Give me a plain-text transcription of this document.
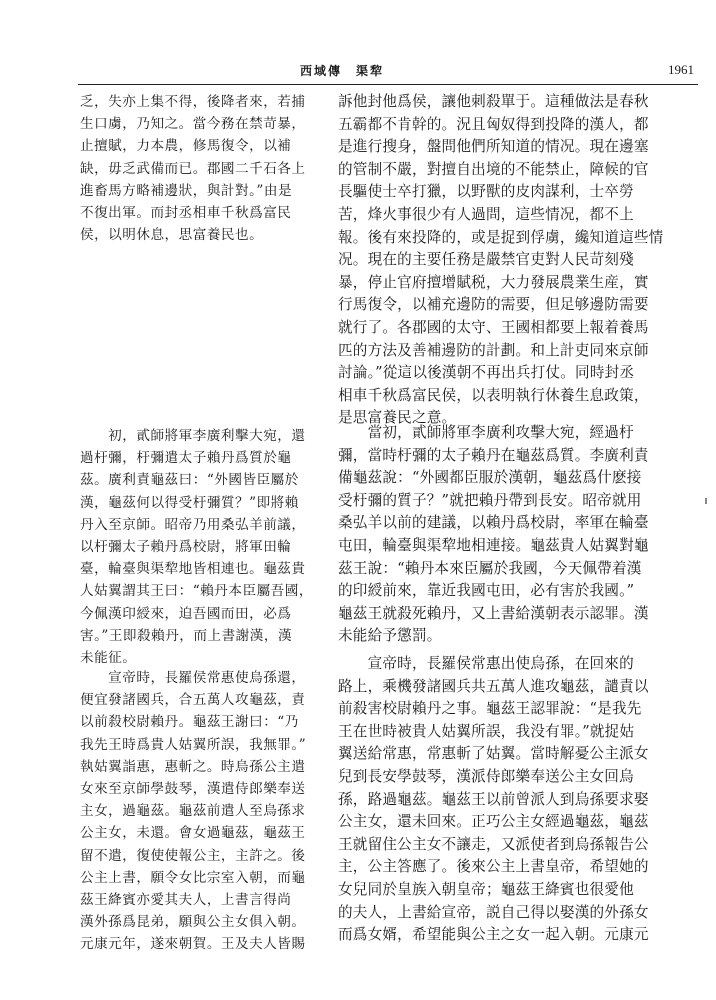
西域傳　渠犂	1961
乏，失亦上集不得，後降者來，若捕
生口虜，乃知之。當今務在禁苛暴，
止擅賦，力本農，修馬復令，以補
缺，毋乏武備而已。郡國二千石各上
進畜馬方略補邊狀，與計對。”由是
不復出軍。而封丞相車千秋爲富民
侯，以明休息，思富養民也。
　　初，貳師將軍李廣利擊大宛，還
過杅彌，杅彌遣太子賴丹爲質於龜
茲。廣利責龜茲曰：“外國皆臣屬於
漢，龜茲何以得受杅彌質？”即將賴
丹入至京師。昭帝乃用桑弘羊前議，
以杅彌太子賴丹爲校尉，將軍田輪
臺，輪臺與渠犂地皆相連也。龜茲貴
人姑翼謂其王曰：“賴丹本臣屬吾國，
今佩漢印綬來，迫吾國而田，必爲
害。”王即殺賴丹，而上書謝漢，漢
未能征。
　　宣帝時，長羅侯常惠使烏孫還，
便宜發諸國兵，合五萬人攻龜茲，責
以前殺校尉賴丹。龜茲王謝曰：“乃
我先王時爲貴人姑翼所誤，我無罪。”
執姑翼詣惠，惠斬之。時烏孫公主遣
女來至京師學鼓琴，漢遣侍郎樂奉送
主女，過龜茲。龜茲前遣人至烏孫求
公主女，未還。會女過龜茲，龜茲王
留不遣，復使使報公主，主許之。後
公主上書，願令女比宗室入朝，而龜
茲王絳賓亦愛其夫人，上書言得尚
漢外孫爲昆弟，願與公主女俱入朝。
元康元年，遂來朝賀。王及夫人皆賜
訴他封他爲侯，讓他刺殺單于。這種做法是春秋
五霸都不肯幹的。況且匈奴得到投降的漢人，都
是進行搜身，盤問他們所知道的情况。現在邊塞
的管制不嚴，對擅自出境的不能禁止，障候的官
長驅使士卒打獵，以野獸的皮肉謀利，士卒勞
苦，烽火事很少有人過問，這些情况，都不上
報。後有來投降的，或是捉到俘虜，纔知道這些情
况。現在的主要任務是嚴禁官吏對人民苛刻殘
暴，停止官府擅增賦税，大力發展農業生産，實
行馬復令，以補充邊防的需要，但足够邊防需要
就行了。各郡國的太守、王國相都要上報着養馬
匹的方法及善補邊防的計劃。和上計吏同來京師
討論。”從這以後漢朝不再出兵打仗。同時封丞
相車千秋爲富民侯，以表明執行休養生息政策，
是思富養民之意。
　　當初，貳師將軍李廣利攻擊大宛，經過杅
彌，當時杅彌的太子賴丹在龜茲爲質。李廣利責
備龜茲說：“外國都臣服於漢朝，龜茲爲什麽接
受杅彌的質子？”就把賴丹帶到長安。昭帝就用
桑弘羊以前的建議，以賴丹爲校尉，率軍在輪臺
屯田，輪臺與渠犂地相連接。龜茲貴人姑翼對龜
茲王說：“賴丹本來臣屬於我國，今天佩帶着漢
的印綬前來，靠近我國屯田，必有害於我國。”
龜茲王就殺死賴丹，又上書給漢朝表示認罪。漢
未能給予懲罰。
　　宣帝時，長羅侯常惠出使烏孫，在回來的
路上，乘機發諸國兵共五萬人進攻龜茲，譴責以
前殺害校尉賴丹之事。龜茲王認罪說：“是我先
王在世時被貴人姑翼所誤，我没有罪。”就捉姑
翼送給常惠，常惠斬了姑翼。當時解憂公主派女
兒到長安學鼓琴，漢派侍郎樂奉送公主女回烏
孫，路過龜茲。龜茲王以前曾派人到烏孫要求娶
公主女，還未回來。正巧公主女經過龜茲，龜茲
王就留住公主女不讓走，又派使者到烏孫報告公
主，公主答應了。後來公主上書皇帝，希望她的
女兒同於皇族入朝皇帝；龜茲王絳賓也很愛他
的夫人，上書給宣帝，説自己得以娶漢的外孫女
而爲女婿，希望能與公主之女一起入朝。元康元
